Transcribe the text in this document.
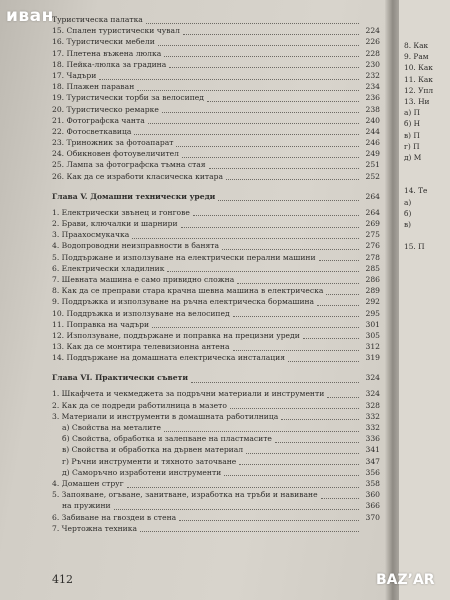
иван
Туристическа палатка
15. Спален туристически чувал	224
16. Туристически мебели	226
17. Плетена въжена люлка	228
18. Пейка-люлка за градина	230
17. Чадъри	232
18. Плажен параван	234
19. Туристически торби за велосипед	236
20. Туристическо ремарке	238
21. Фотографска чанта	240
22. Фотосветкавица	244
23. Триножник за фотоапарат	246
24. Обикновен фотоувеличител	249
25. Лампа за фотографска тъмна стая	251
26. Как да се изработи класическа китара	252
Глава V. Домашни технически уреди	264
1. Електрически звънец и гонгове	264
2. Брави, ключалки и шарнири	269
3. Праахосмукачка	275
4. Водопроводни неизправности в банята	276
5. Поддържане и използуване на електрически перални машини	278
6. Електрически хладилник	285
7. Шевната машина е само привидно сложна	286
8. Как да се преправи стара крачна шевна машина в електрическа	289
9. Поддръжка и използуване на ръчна електрическа бормашина	292
10. Поддръжка и използуване на велосипед	295
11. Поправка на чадъри	301
12. Използуване, поддържане и поправка на прецизни уреди	305
13. Как да се монтира телевизионна антена	312
14. Поддържане на домашната електрическа инсталация	319
Глава VI. Практически съвети	324
1. Шкафчета и чекмеджета за подръчни материали и инструменти	324
2. Как да се подреди работилница в мазето	328
3. Материали и инструменти в домашната работилница	332
а) Свойства на металите	332
б) Свойства, обработка и залепване на пластмасите	336
в) Свойства и обработка на дървен материал	341
г) Ръчни инструменти и тяхното заточване	347
д) Саморъчно изработени инструменти	356
4. Домашен струг	358
5. Запояване, огъване, занитване, изработка на тръби и навиване	360
на пружини	366
6. Забиване на гвоздеи в стена	370
7. Чертожна техника
412
8. Как
9. Рам
10. Как
11. Как
12. Упл
13. Ни
а) П
б) Н
в) П
г) П
д) М
14. Те
а)
б)
в)
15. П
BAZ’AR
